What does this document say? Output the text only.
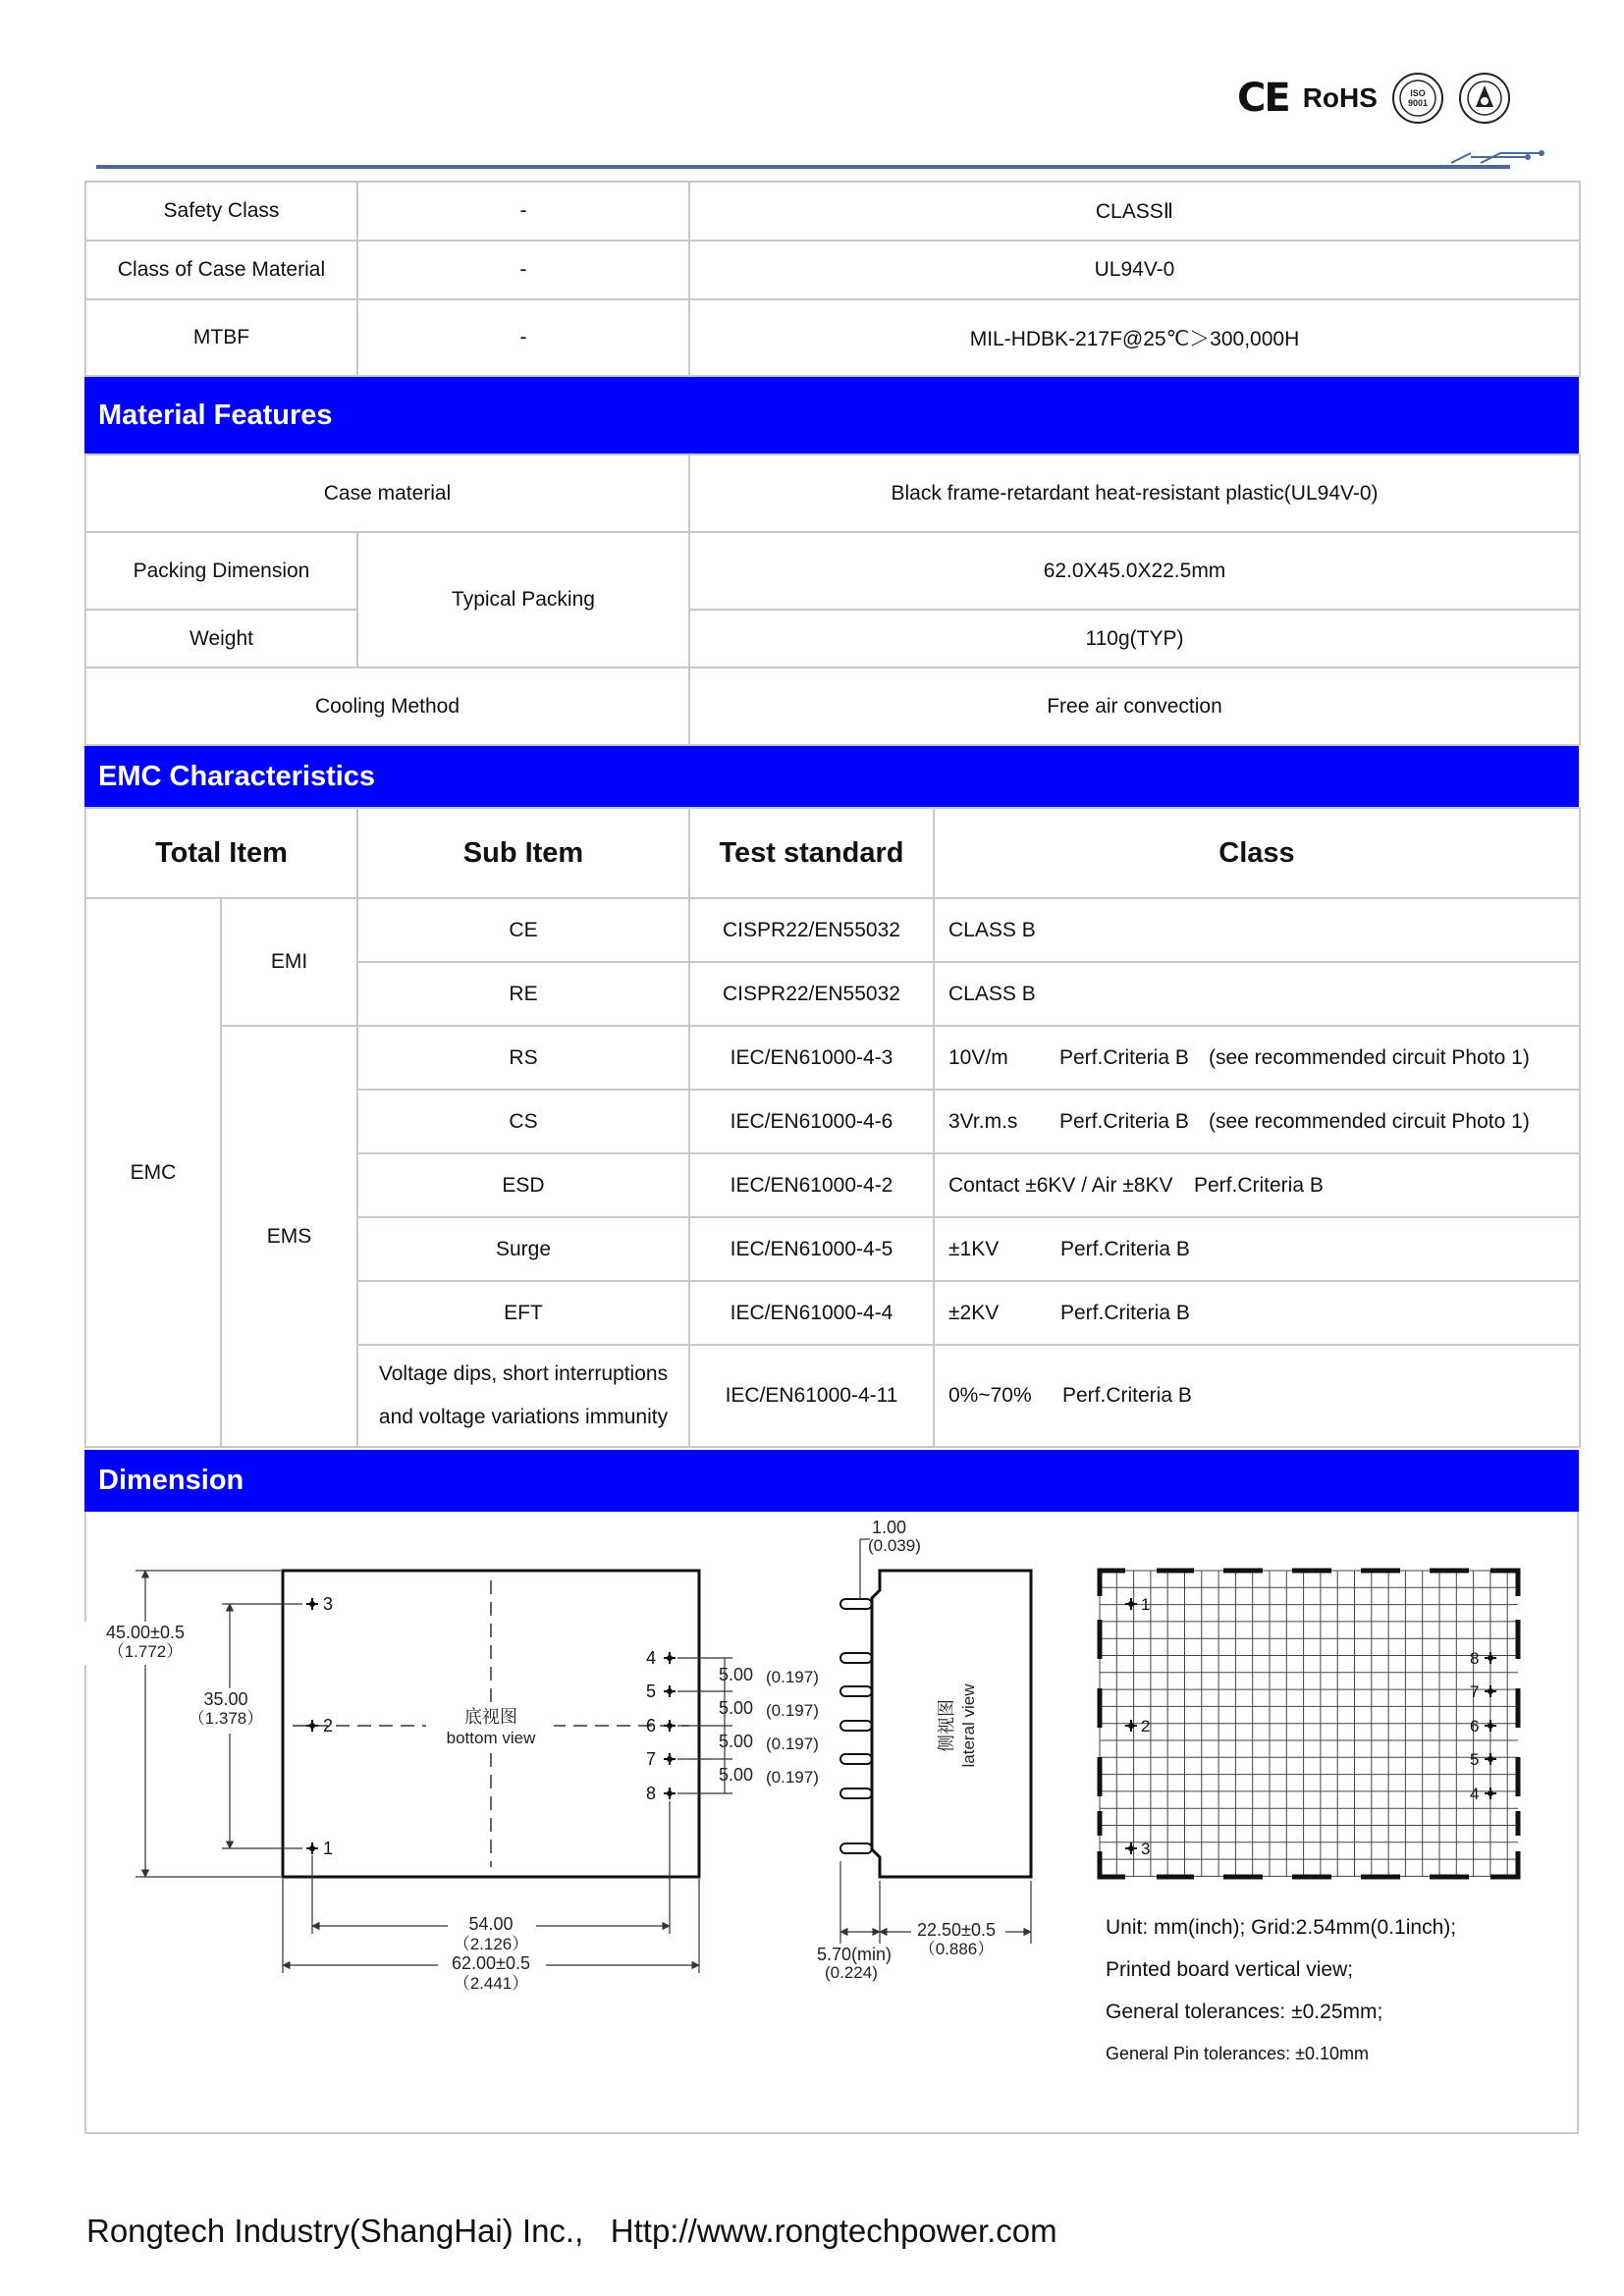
CE RoHS	ISO
9001
Safety Class	-	CLASSⅡ
Class of Case Material	-	UL94V-0
MTBF	-	MIL-HDBK-217F@25℃＞300,000H
Material Features
Case material		Black frame-retardant heat-resistant plastic(UL94V-0)
Packing Dimension	Typical Packing	62.0X45.0X22.5mm
Weight		110g(TYP)
Cooling Method		Free air convection
EMC Characteristics
Total Item		Sub Item	Test standard	Class
EMC	EMI	CE	CISPR22/EN55032	CLASS B
		RE	CISPR22/EN55032	CLASS B
	EMS	RS	IEC/EN61000-4-3	10V/m Perf.Criteria B (see recommended circuit Photo 1)
		CS	IEC/EN61000-4-6	3Vr.m.s Perf.Criteria B (see recommended circuit Photo 1)
		ESD	IEC/EN61000-4-2	Contact ±6KV / Air ±8KV Perf.Criteria B
		Surge	IEC/EN61000-4-5	±1KV Perf.Criteria B
		EFT	IEC/EN61000-4-4	±2KV Perf.Criteria B
		Voltage dips, short interruptions
and voltage variations immunity	IEC/EN61000-4-11	0%~70% Perf.Criteria B
Dimension
底视图
bottom view
3
2
1
4
5
6
7
8
5.00 (0.197)
5.00 (0.197)
5.00 (0.197)
5.00 (0.197)
45.00±0.5
（1.772）
35.00
（1.378）
54.00
（2.126）
62.00±0.5
（2.441）
侧视图 lateral view
1.00
(0.039)
5.70(min)
(0.224)
22.50±0.5
（0.886）
1
2
3
8
7
6
5
4
Unit: mm(inch); Grid:2.54mm(0.1inch);
Printed board vertical view;
General tolerances: ±0.25mm;
General Pin tolerances: ±0.10mm
Rongtech Industry(ShangHai) Inc., Http://www.rongtechpower.com
